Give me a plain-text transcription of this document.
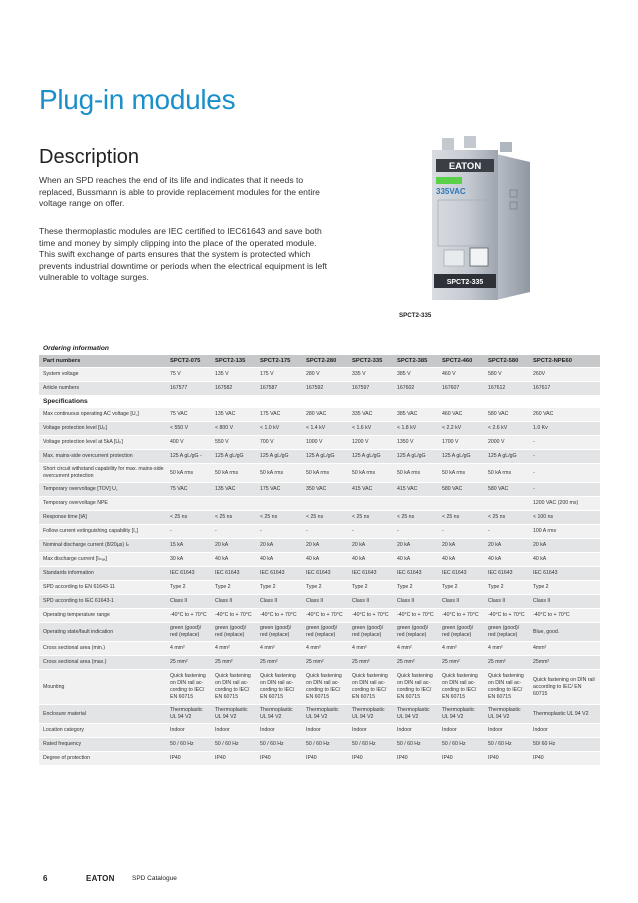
Plug-in modules
Description

When an SPD reaches the end of its life and indicates that it needs to replaced, Bussmann is able to provide replacement modules for the entire voltage range on offer.

These thermoplastic modules are IEC certified to IEC61643 and save both time and money by simply clipping into the place of the operated module. This swift exchange of parts ensures that the system is protected which prevents industrial downtime or periods when the electrical equipment is left vulnerable to voltage surges.

EATON
335VAC
SPCT2-335
SPCT2-335
Ordering information
Part numbers	SPCT2-075	SPCT2-135	SPCT2-175	SPCT2-280	SPCT2-335	SPCT2-385	SPCT2-460	SPCT2-580	SPCT2-NPE60
System voltage	75 V	135 V	175 V	280 V	335 V	385 V	460 V	580 V	260V
Article numbers	167577	167582	167587	167592	167597	167602	167607	167612	167617
Specifications									
Max continuous operating AC voltage [U꜀]	75 VAC	135 VAC	175 VAC	280 VAC	335 VAC	385 VAC	460 VAC	580 VAC	260 VAC
Voltage protection level [Uₚ]	< 550 V	< 800 V	< 1.0 kV	< 1.4 kV	< 1.6 kV	< 1.8 kV	< 2.2 kV	< 2.6 kV	1.0 Kv
Voltage protection level at 5kA [Uₚ]	400 V	550 V	700 V	1000 V	1200 V	1350 V	1700 V	2000 V	-
Max. mains-side overcurrent protection	125 A gL/gG -	125 A gL/gG	125 A gL/gG	125 A gL/gG	125 A gL/gG	125 A gL/gG	125 A gL/gG	125 A gL/gG	-
Short circuit withstand capability for max. mains-side overcurrent protection	50 kA rms	50 kA rms	50 kA rms	50 kA rms	50 kA rms	50 kA rms	50 kA rms	50 kA rms	-
Temporary overvoltage [TOV] U꜀	75 VAC	135 VAC	175 VAC	350 VAC	415 VAC	415 VAC	580 VAC	580 VAC	-
Temporary overvoltage NPE									1200 VAC (200 ms)
Response time [tA]	< 25 ns	< 25 ns	< 25 ns	< 25 ns	< 25 ns	< 25 ns	< 25 ns	< 25 ns	< 100 ns
Follow current extinguishing capability [I꜀]	-	-	-	-	-	-	-	-	100 A rms
Nominal discharge current (8/20µs) Iₙ	15 kA	20 kA	20 kA	20 kA	20 kA	20 kA	20 kA	20 kA	20 kA
Max discharge current [Iₘₐₓ]	30 kA	40 kA	40 kA	40 kA	40 kA	40 kA	40 kA	40 kA	40 kA
Standards information	IEC 61643	IEC 61643	IEC 61643	IEC 61643	IEC 61643	IEC 61643	IEC 61643	IEC 61643	IEC 61643
SPD according to EN 61643-11	Type 2	Type 2	Type 2	Type 2	Type 2	Type 2	Type 2	Type 2	Type 2
SPD according to IEC 61643-1	Class II	Class II	Class II	Class II	Class II	Class II	Class II	Class II	Class II
Operating temperature range	-40°C to + 70°C	-40°C to + 70°C	-40°C to + 70°C	-40°C to + 70°C	-40°C to + 70°C	-40°C to + 70°C	-40°C to + 70°C	-40°C to + 70°C	-40°C to + 70°C
Operating state/fault indication	green (good)/ red (replace)	green (good)/ red (replace)	green (good)/ red (replace)	green (good)/ red (replace)	green (good)/ red (replace)	green (good)/ red (replace)	green (good)/ red (replace)	green (good)/ red (replace)	Blue, good.
Cross sectional area (min.)	4 mm²	4 mm²	4 mm²	4 mm²	4 mm²	4 mm²	4 mm²	4 mm²	4mm²
Cross sectional area (max.)	25 mm²	25 mm²	25 mm²	25 mm²	25 mm²	25 mm²	25 mm²	25 mm²	25mm²
Mounting	Quick fastening on DIN rail ac-cording to IEC/ EN 60715	Quick fastening on DIN rail ac-cording to IEC/ EN 60715	Quick fastening on DIN rail ac-cording to IEC/ EN 60715	Quick fastening on DIN rail ac-cording to IEC/ EN 60715	Quick fastening on DIN rail ac-cording to IEC/ EN 60715	Quick fastening on DIN rail ac-cording to IEC/ EN 60715	Quick fastening on DIN rail ac-cording to IEC/ EN 60715	Quick fastening on DIN rail ac-cording to IEC/ EN 60715	Quick fastening on DIN rail according to IEC/ EN 60715
Enclosure material	Thermoplastic UL 94 V2	Thermoplastic UL 94 V2	Thermoplastic UL 94 V2	Thermoplastic UL 94 V2	Thermoplastic UL 94 V2	Thermoplastic UL 94 V2	Thermoplastic UL 94 V2	Thermoplastic UL 94 V2	Thermoplastic UL 94 V2
Location category	Indoor	Indoor	Indoor	Indoor	Indoor	Indoor	Indoor	Indoor	Indoor
Rated frequency	50 / 60 Hz	50 / 60 Hz	50 / 60 Hz	50 / 60 Hz	50 / 60 Hz	50 / 60 Hz	50 / 60 Hz	50 / 60 Hz	50/ 60 Hz
Degree of protection	IP40	IP40	IP40	IP40	IP40	IP40	IP40	IP40	IP40
6	EATON	SPD Catalogue
